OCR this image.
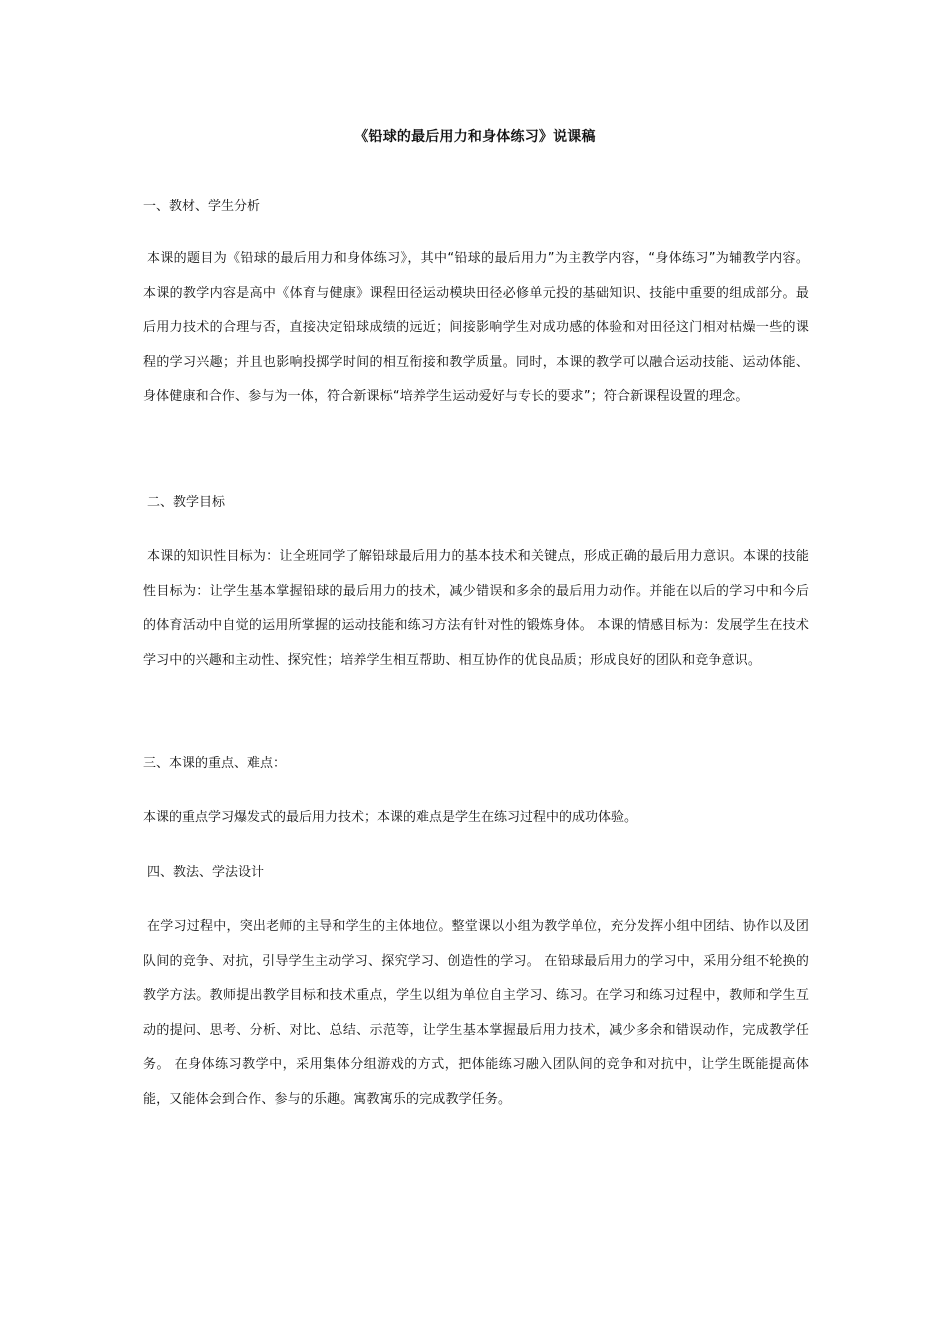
《铅球的最后用力和身体练习》说课稿
一、教材、学生分析
本课的题目为《铅球的最后用力和身体练习》，其中“铅球的最后用力”为主教学内容，“身体练习”为辅教学内容。 本课的教学内容是高中《体育与健康》课程田径运动模块田径必修单元投的基础知识、技能中重要的组成部分。最后用力技术的合理与否，直接决定铅球成绩的远近；间接影响学生对成功感的体验和对田径这门相对枯燥一些的课程的学习兴趣；并且也影响投掷学时间的相互衔接和教学质量。同时，本课的教学可以融合运动技能、运动体能、身体健康和合作、参与为一体，符合新课标“培养学生运动爱好与专长的要求”；符合新课程设置的理念。
二、教学目标
本课的知识性目标为：让全班同学了解铅球最后用力的基本技术和关键点，形成正确的最后用力意识。本课的技能性目标为：让学生基本掌握铅球的最后用力的技术，减少错误和多余的最后用力动作。并能在以后的学习中和今后的体育活动中自觉的运用所掌握的运动技能和练习方法有针对性的锻炼身体。 本课的情感目标为：发展学生在技术学习中的兴趣和主动性、探究性；培养学生相互帮助、相互协作的优良品质；形成良好的团队和竞争意识。
三、本课的重点、难点：
本课的重点学习爆发式的最后用力技术；本课的难点是学生在练习过程中的成功体验。
四、教法、学法设计
在学习过程中，突出老师的主导和学生的主体地位。整堂课以小组为教学单位，充分发挥小组中团结、协作以及团队间的竞争、对抗，引导学生主动学习、探究学习、创造性的学习。 在铅球最后用力的学习中，采用分组不轮换的教学方法。教师提出教学目标和技术重点，学生以组为单位自主学习、练习。在学习和练习过程中，教师和学生互动的提问、思考、分析、对比、总结、示范等，让学生基本掌握最后用力技术，减少多余和错误动作，完成教学任务。 在身体练习教学中，采用集体分组游戏的方式，把体能练习融入团队间的竞争和对抗中，让学生既能提高体能，又能体会到合作、参与的乐趣。寓教寓乐的完成教学任务。
